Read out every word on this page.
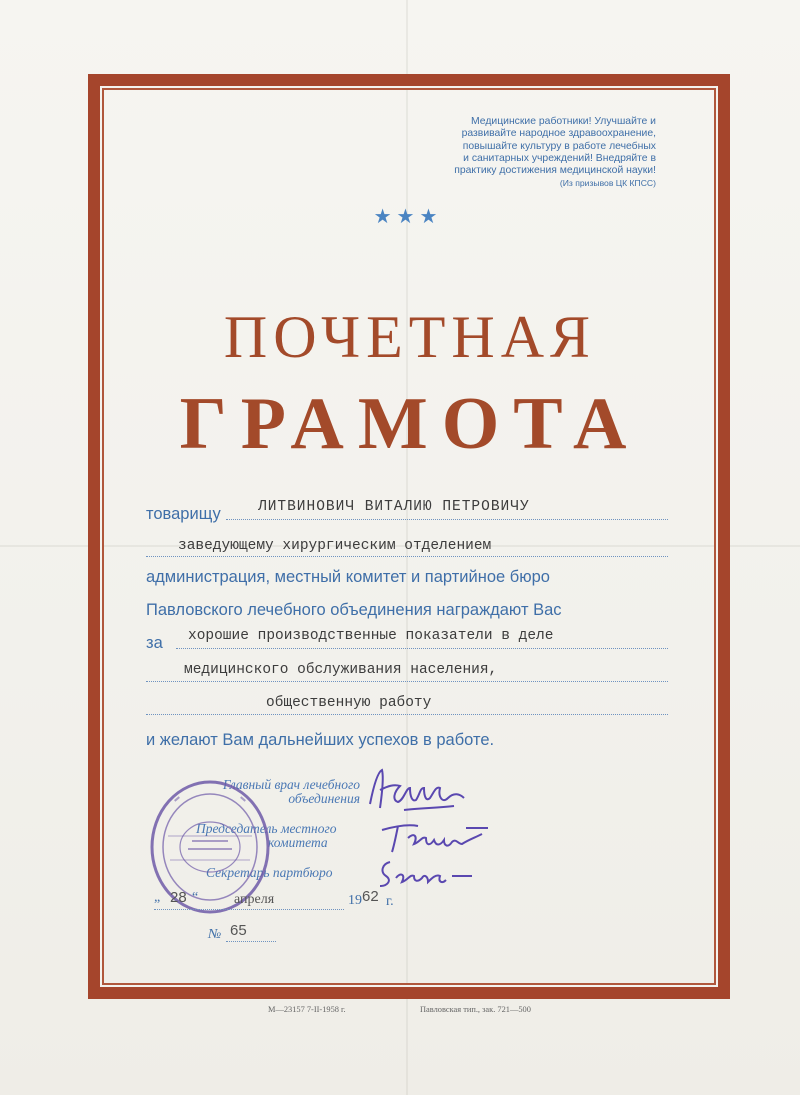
Медицинские работники! Улучшайте и
развивайте народное здравоохранение,
повышайте культуру в работе лечебных
и санитарных учреждений! Внедряйте в
практику достижения медицинской науки!
(Из призывов ЦК КПСС)
★★★
ПОЧЕТНАЯ
ГРАМОТА
товарищу	ЛИТВИНОВИЧ ВИТАЛИЮ ПЕТРОВИЧУ
заведующему хирургическим отделением
администрация, местный комитет и партийное бюро
Павловского лечебного объединения награждают Вас
за хорошие производственные показатели в деле
медицинского обслуживания населения,
общественную работу
и желают Вам дальнейших успехов в работе.
Главный врач лечебного
объединения
Председатель местного
комитета
Секретарь партбюро
„ 28 “	апреля	19 62 г.
№ 65
М—23157 7-II-1958 г.	Павловская тип., зак. 721—500
